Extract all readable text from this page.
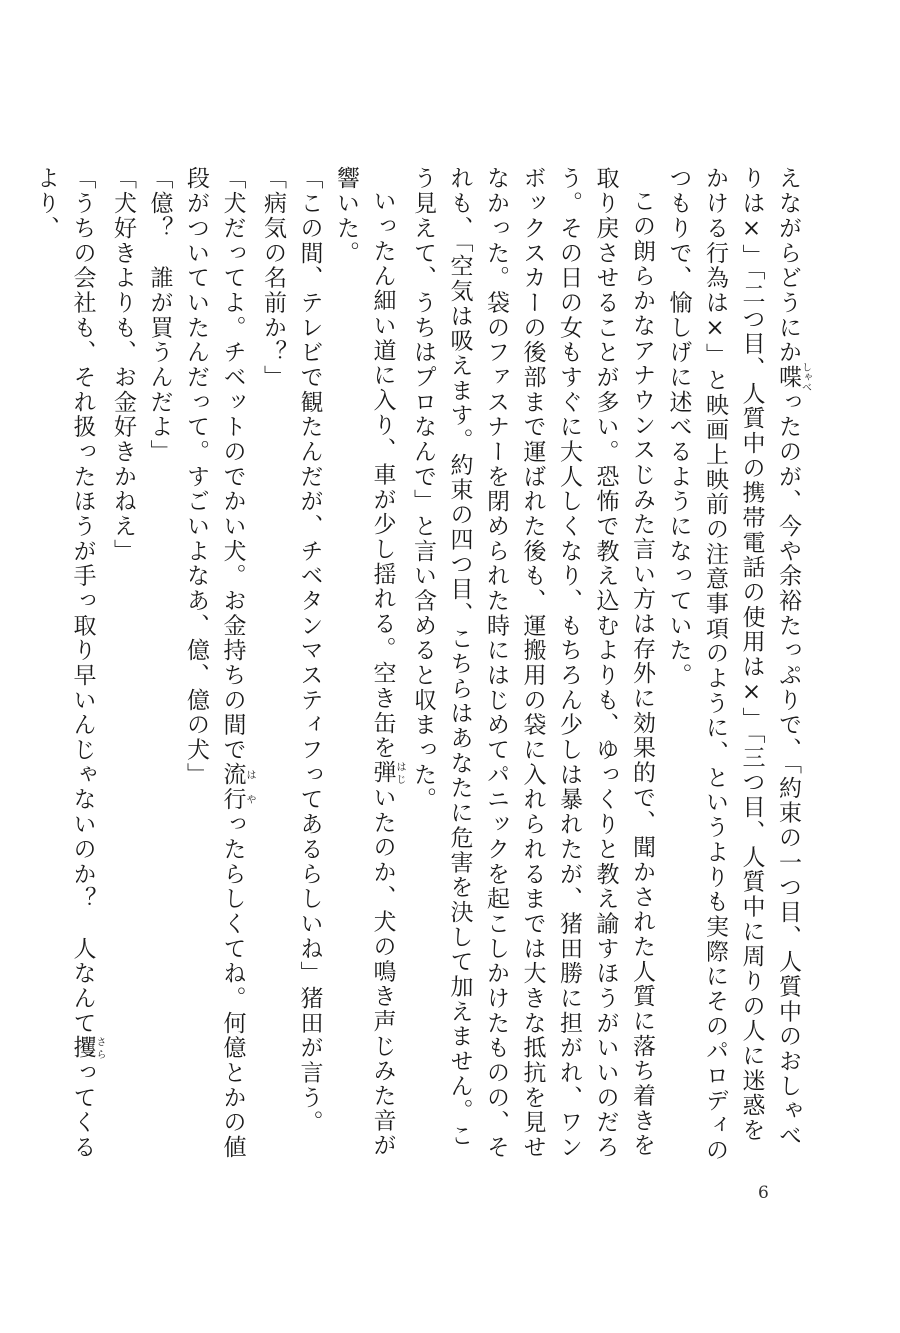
えながらどうにか喋しゃべったのが、今や余裕たっぷりで、「約束の一つ目、人質中のおしゃべりは×」「二つ目、人質中の携帯電話の使用は×」「三つ目、人質中に周りの人に迷惑をかける行為は×」と映画上映前の注意事項のように、というよりも実際にそのパロディのつもりで、愉しげに述べるようになっていた。

この朗らかなアナウンスじみた言い方は存外に効果的で、聞かされた人質に落ち着きを取り戻させることが多い。恐怖で教え込むよりも、ゆっくりと教え諭すほうがいいのだろう。その日の女もすぐに大人しくなり、もちろん少しは暴れたが、猪田勝に担がれ、ワンボックスカーの後部まで運ばれた後も、運搬用の袋に入れられるまでは大きな抵抗を見せなかった。袋のファスナーを閉められた時にはじめてパニックを起こしかけたものの、それも、「空気は吸えます。約束の四つ目、こちらはあなたに危害を決して加えません。こう見えて、うちはプロなんで」と言い含めると収まった。

いったん細い道に入り、車が少し揺れる。空き缶を弾はじいたのか、犬の鳴き声じみた音が響いた。

「この間、テレビで観たんだが、チベタンマスティフってあるらしいね」猪田が言う。

「病気の名前か？」

「犬だってよ。チベットのでかい犬。お金持ちの間で流行はやったらしくてね。何億とかの値段がついていたんだって。すごいよなあ、億、億の犬」

「億？　誰が買うんだよ」

「犬好きよりも、お金好きかねえ」

「うちの会社も、それ扱ったほうが手っ取り早いんじゃないのか？　人なんて攫さらってくるより、

6
